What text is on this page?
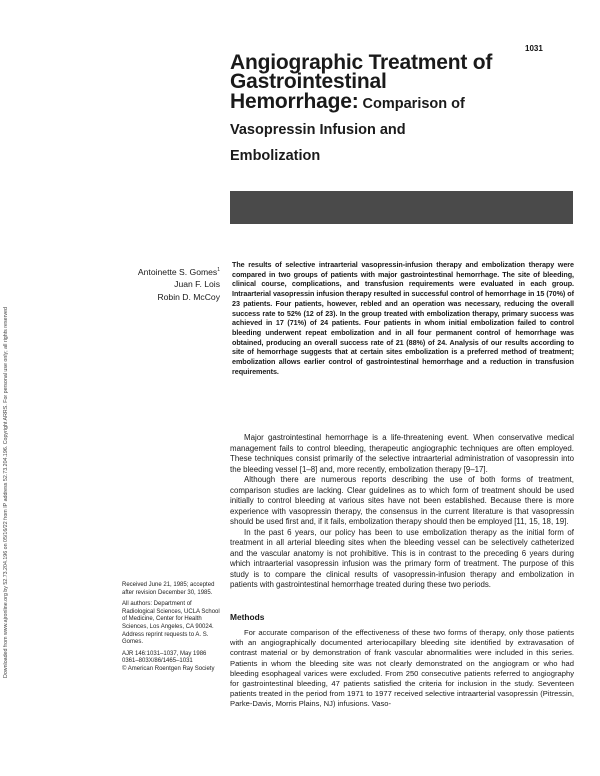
Downloaded from www.ajronline.org by 52.73.204.196 on 05/16/22 from IP address 52.73.204.196. Copyright ARRS. For personal use only; all rights reserved
1031
Angiographic Treatment of
Gastrointestinal
Hemorrhage: Comparison of
Vasopressin Infusion and
Embolization
Antoinette S. Gomes$^1$
Juan F. Lois
Robin D. McCoy

The results of selective intraarterial vasopressin-infusion therapy and embolization therapy were compared in two groups of patients with major gastrointestinal hemorrhage. The site of bleeding, clinical course, complications, and transfusion requirements were evaluated in each group. Intraarterial vasopressin infusion therapy resulted in successful control of hemorrhage in 15 (70%) of 23 patients. Four patients, however, rebled and an operation was necessary, reducing the overall success rate to 52% (12 of 23). In the group treated with embolization therapy, primary success was achieved in 17 (71%) of 24 patients. Four patients in whom initial embolization failed to control bleeding underwent repeat embolization and in all four permanent control of hemorrhage was obtained, producing an overall success rate of 21 (88%) of 24. Analysis of our results according to site of hemorrhage suggests that at certain sites embolization is a preferred method of treatment; embolization allows earlier control of gastrointestinal hemorrhage and a reduction in transfusion requirements.

Major gastrointestinal hemorrhage is a life-threatening event. When conservative medical management fails to control bleeding, therapeutic angiographic techniques are often employed. These techniques consist primarily of the selective intraarterial administration of vasopressin into the bleeding vessel [1–8] and, more recently, embolization therapy [9–17].

Although there are numerous reports describing the use of both forms of treatment, comparison studies are lacking. Clear guidelines as to which form of treatment should be used initially to control bleeding at various sites have not been established. Because there is more experience with vasopressin therapy, the consensus in the current literature is that vasopressin should be used first and, if it fails, embolization therapy should then be employed [11, 15, 18, 19].

In the past 6 years, our policy has been to use embolization therapy as the initial form of treatment in all arterial bleeding sites when the bleeding vessel can be selectively catheterized and the vascular anatomy is not prohibitive. This is in contrast to the preceding 6 years during which intraarterial vasopressin infusion was the primary form of treatment. The purpose of this study is to compare the clinical results of vasopressin-infusion therapy and embolization in patients with gastrointestinal hemorrhage treated during these two periods.

Methods

For accurate comparison of the effectiveness of these two forms of therapy, only those patients with an angiographically documented arteriocapillary bleeding site identified by extravasation of contrast material or by demonstration of frank vascular abnormalities were included in this series. Patients in whom the bleeding site was not clearly demonstrated on the angiogram or who had bleeding esophageal varices were excluded. From 250 consecutive patients referred to angiography for gastrointestinal bleeding, 47 patients satisfied the criteria for inclusion in the study. Seventeen patients treated in the period from 1971 to 1977 received selective intraarterial vasopressin (Pitressin, Parke-Davis, Morris Plains, NJ) infusions. Vaso-

Received June 21, 1985; accepted after revision December 30, 1985.

All authors: Department of Radiological Sciences, UCLA School of Medicine, Center for Health Sciences, Los Angeles, CA 90024. Address reprint requests to A. S. Gomes.

AJR 146:1031–1037, May 1986
0361–803X/86/1465–1031
© American Roentgen Ray Society
